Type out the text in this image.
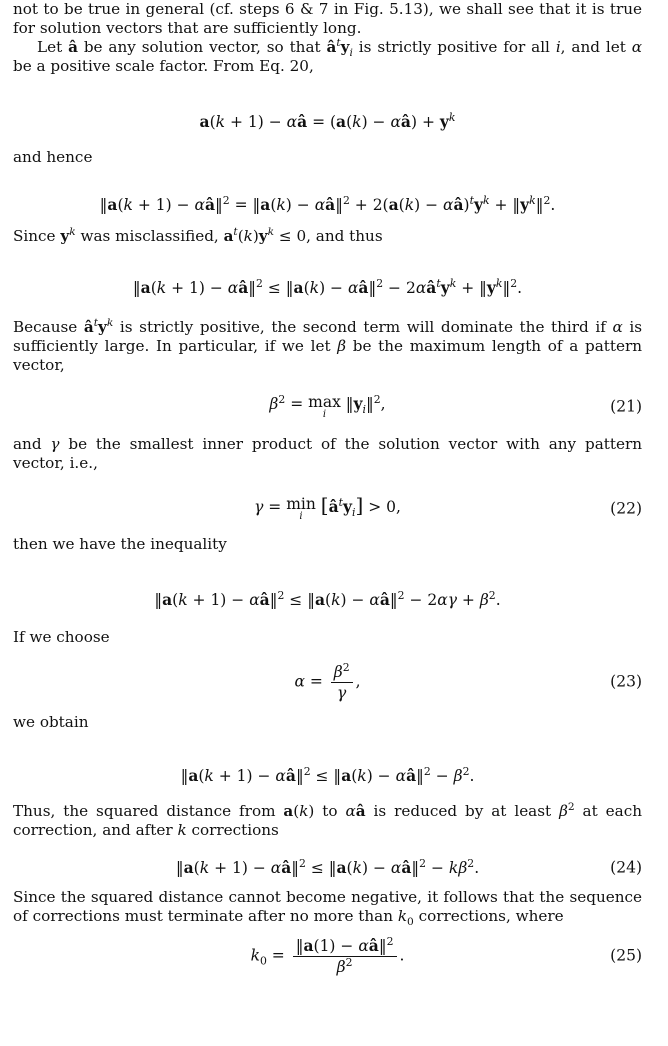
not to be true in general (cf. steps 6 & 7 in Fig. 5.13), we shall see that it is true for solution vectors that are sufficiently long.
Let â be any solution vector, so that $â^ty_i$ is strictly positive for all i, and let α be a positive scale factor. From Eq. 20,
a(k + 1) − αâ = (a(k) − αâ) + $y^k$
and hence
‖a(k + 1) − αâ‖$^2$ = ‖a(k) − αâ‖$^2$ + $2(a(k) - \alpha â)^ty^k$ + $‖y^k‖^2$.
Since $y^k$ was misclassified, $a^t(k)y^k \le 0$, and thus
‖a(k + 1) − αâ‖$^2$ ≤ ‖a(k) − αâ‖$^2$ − $2\alpha â^ty^k$ + $‖y^k‖^2$.
Because $â^ty^k$ is strictly positive, the second term will dominate the third if α is sufficiently large. In particular, if we let β be the maximum length of a pattern vector,
$\beta^2 = \max$
i
$‖y_i‖^2$,	(21)
and γ be the smallest inner product of the solution vector with any pattern vector, i.e.,
γ = min
i $[â^ty_i] > 0$,	(22)
then we have the inequality
‖a(k + 1) − αâ‖$^2$ ≤ ‖a(k) − αâ‖$^2$ − $2\alpha\gamma + \beta^2$.
If we choose
$\alpha = \frac{\beta^2}{\gamma}$ ,	(23)
we obtain
‖a(k + 1) − αâ‖$^2$ ≤ ‖a(k) − αâ‖$^2$ − $\beta^2$.
Thus, the squared distance from a(k) to αâ is reduced by at least $\beta^2$ at each correction, and after k corrections
‖a(k + 1) − αâ‖$^2$ ≤ ‖a(k) − αâ‖$^2$ − $k\beta^2$.	(24)
Since the squared distance cannot become negative, it follows that the sequence of corrections must terminate after no more than $k_0$ corrections, where
$k_0 = \frac{‖a(1) - \alpha â‖^2}{\beta^2}$ .	(25)
